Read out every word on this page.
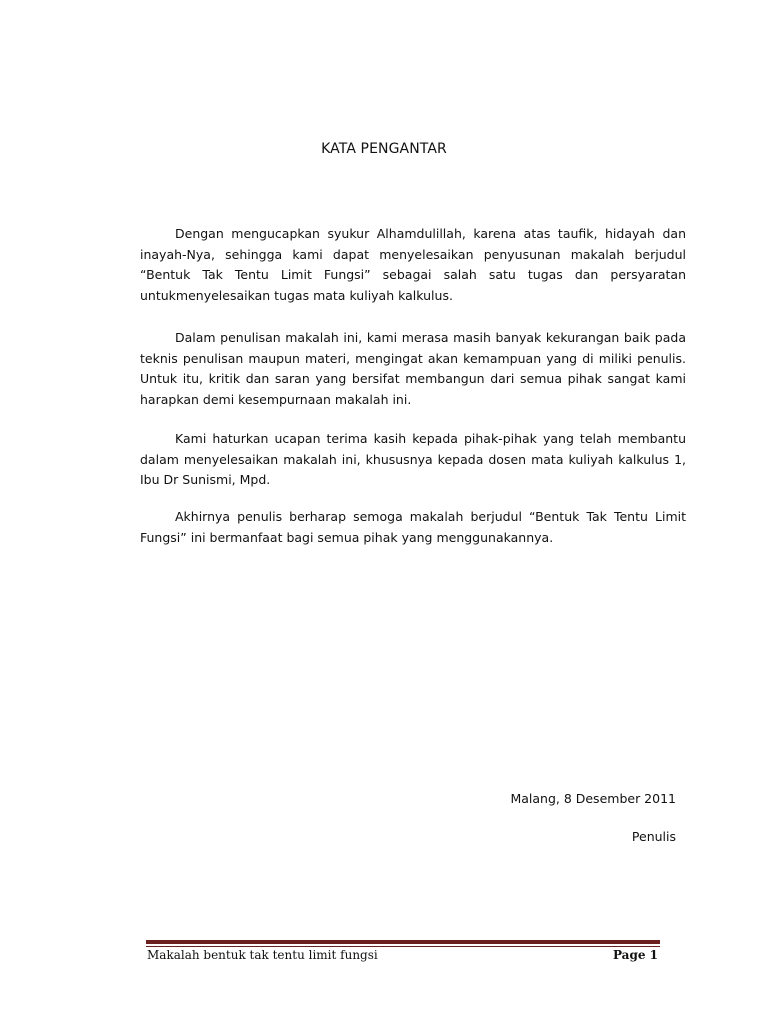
KATA PENGANTAR

Dengan mengucapkan syukur Alhamdulillah, karena atas taufik, hidayah dan inayah-Nya, sehingga kami dapat menyelesaikan penyusunan makalah berjudul “Bentuk Tak Tentu Limit Fungsi” sebagai salah satu tugas dan persyaratan untukmenyelesaikan tugas mata kuliyah kalkulus.

Dalam penulisan makalah ini, kami merasa masih banyak kekurangan baik pada teknis penulisan maupun materi, mengingat akan kemampuan yang di miliki penulis. Untuk itu, kritik dan saran yang bersifat membangun dari semua pihak sangat kami harapkan demi kesempurnaan makalah ini.

Kami haturkan ucapan terima kasih kepada pihak-pihak yang telah membantu dalam menyelesaikan makalah ini, khususnya kepada dosen mata kuliyah kalkulus 1, Ibu Dr Sunismi, Mpd.

Akhirnya penulis berharap semoga makalah berjudul “Bentuk Tak Tentu Limit Fungsi” ini bermanfaat bagi semua pihak yang menggunakannya.

Malang, 8 Desember 2011
Penulis
Makalah bentuk tak tentu limit fungsi	Page 1
